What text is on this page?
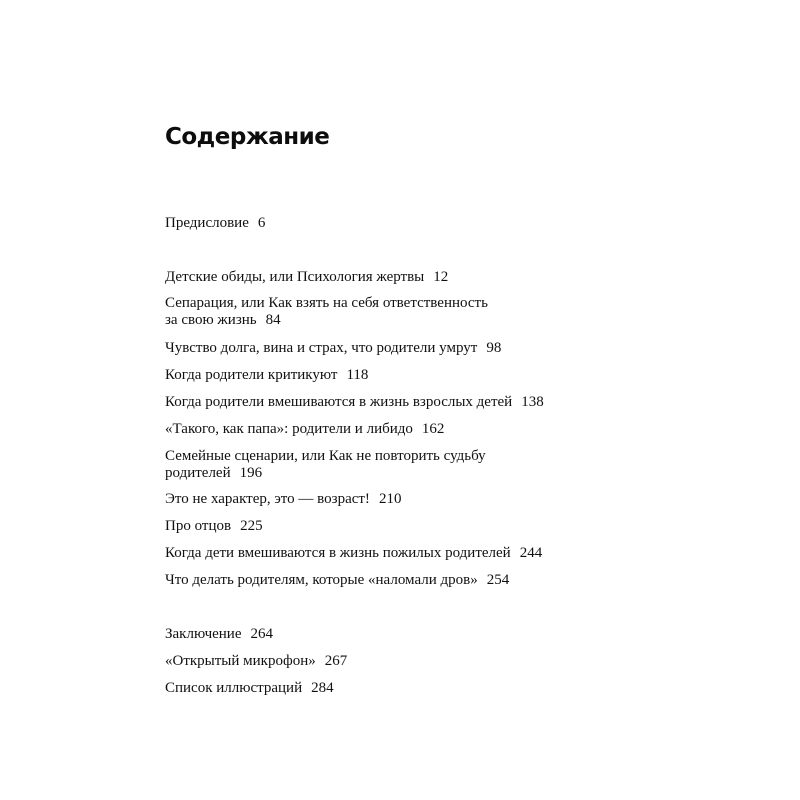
Содержание
Предисловие 6
Детские обиды, или Психология жертвы 12
Сепарация, или Как взять на себя ответственность
за свою жизнь 84
Чувство долга, вина и страх, что родители умрут 98
Когда родители критикуют 118
Когда родители вмешиваются в жизнь взрослых детей 138
«Такого, как папа»: родители и либидо 162
Семейные сценарии, или Как не повторить судьбу
родителей 196
Это не характер, это — возраст! 210
Про отцов 225
Когда дети вмешиваются в жизнь пожилых родителей 244
Что делать родителям, которые «наломали дров» 254
Заключение 264
«Открытый микрофон» 267
Список иллюстраций 284
